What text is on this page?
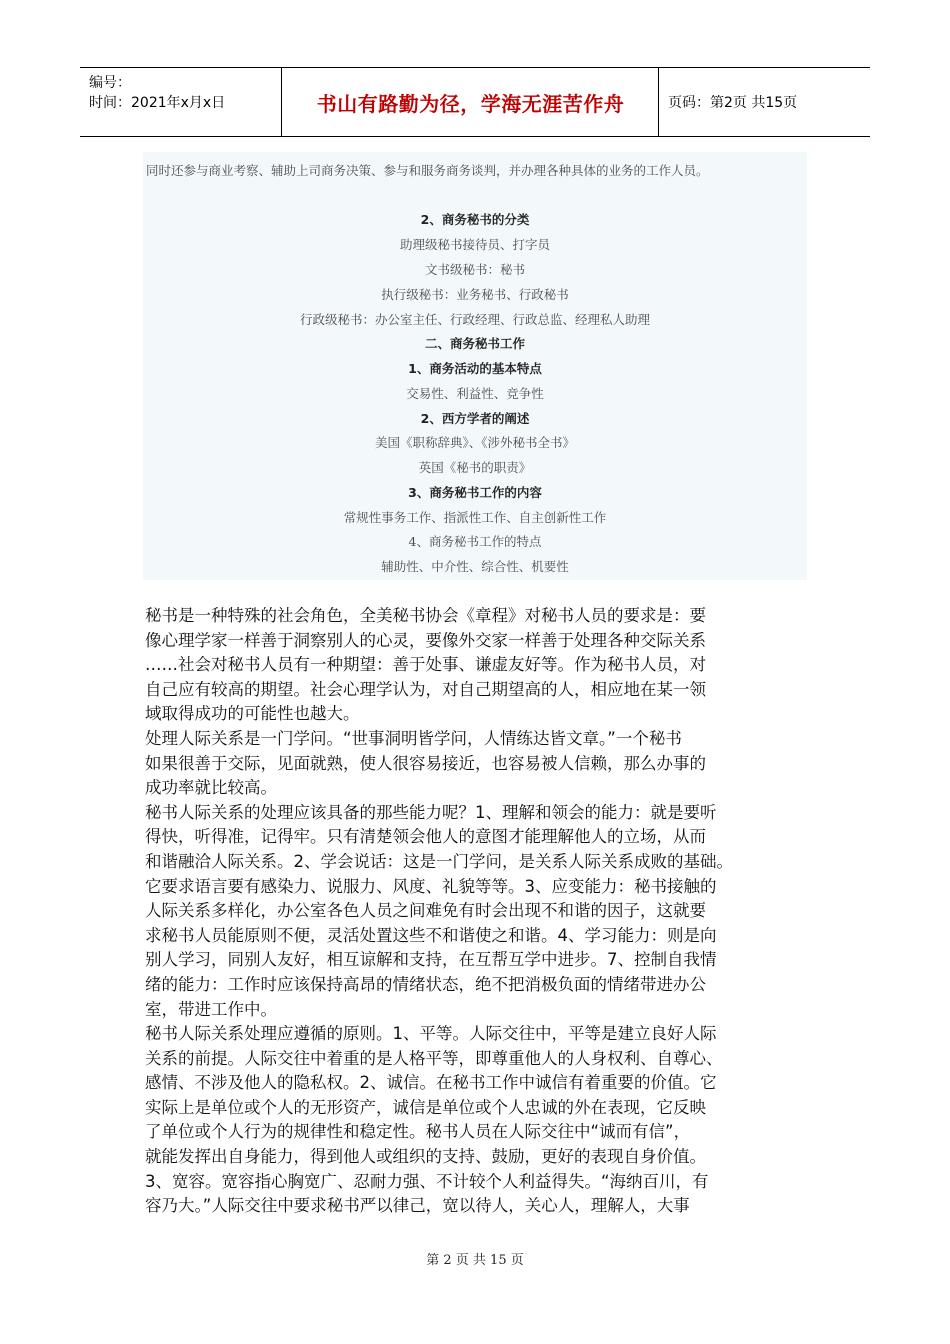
编号：
时间：2021年x月x日	书山有路勤为径，学海无涯苦作舟	页码：第2页 共15页
同时还参与商业考察、辅助上司商务决策、参与和服务商务谈判，并办理各种具体的业务的工作人员。
2、商务秘书的分类
助理级秘书接待员、打字员
文书级秘书：秘书
执行级秘书：业务秘书、行政秘书
行政级秘书：办公室主任、行政经理、行政总监、经理私人助理
二、商务秘书工作
1、商务活动的基本特点
交易性、利益性、竞争性
2、西方学者的阐述
美国《职称辞典》、《涉外秘书全书》
英国《秘书的职责》
3、商务秘书工作的内容
常规性事务工作、指派性工作、自主创新性工作
4、商务秘书工作的特点
辅助性、中介性、综合性、机要性

秘书是一种特殊的社会角色，全美秘书协会《章程》对秘书人员的要求是：要

像心理学家一样善于洞察别人的心灵，要像外交家一样善于处理各种交际关系

……社会对秘书人员有一种期望：善于处事、谦虚友好等。作为秘书人员，对

自己应有较高的期望。社会心理学认为，对自己期望高的人，相应地在某一领

域取得成功的可能性也越大。

处理人际关系是一门学问。“世事洞明皆学问，人情练达皆文章。”一个秘书

如果很善于交际，见面就熟，使人很容易接近，也容易被人信赖，那么办事的

成功率就比较高。

秘书人际关系的处理应该具备的那些能力呢？1、理解和领会的能力：就是要听

得快，听得准，记得牢。只有清楚领会他人的意图才能理解他人的立场，从而

和谐融洽人际关系。2、学会说话：这是一门学问，是关系人际关系成败的基础。

它要求语言要有感染力、说服力、风度、礼貌等等。3、应变能力：秘书接触的

人际关系多样化，办公室各色人员之间难免有时会出现不和谐的因子，这就要

求秘书人员能原则不便，灵活处置这些不和谐使之和谐。4、学习能力：则是向

别人学习，同别人友好，相互谅解和支持，在互帮互学中进步。7、控制自我情

绪的能力：工作时应该保持高昂的情绪状态，绝不把消极负面的情绪带进办公

室，带进工作中。

秘书人际关系处理应遵循的原则。1、平等。人际交往中，平等是建立良好人际

关系的前提。人际交往中着重的是人格平等，即尊重他人的人身权利、自尊心、

感情、不涉及他人的隐私权。2、诚信。在秘书工作中诚信有着重要的价值。它

实际上是单位或个人的无形资产，诚信是单位或个人忠诚的外在表现，它反映

了单位或个人行为的规律性和稳定性。秘书人员在人际交往中“诚而有信”，

就能发挥出自身能力，得到他人或组织的支持、鼓励，更好的表现自身价值。

3、宽容。宽容指心胸宽广、忍耐力强、不计较个人利益得失。“海纳百川，有

容乃大。”人际交往中要求秘书严以律己，宽以待人，关心人，理解人，大事

第 2 页 共 15 页
